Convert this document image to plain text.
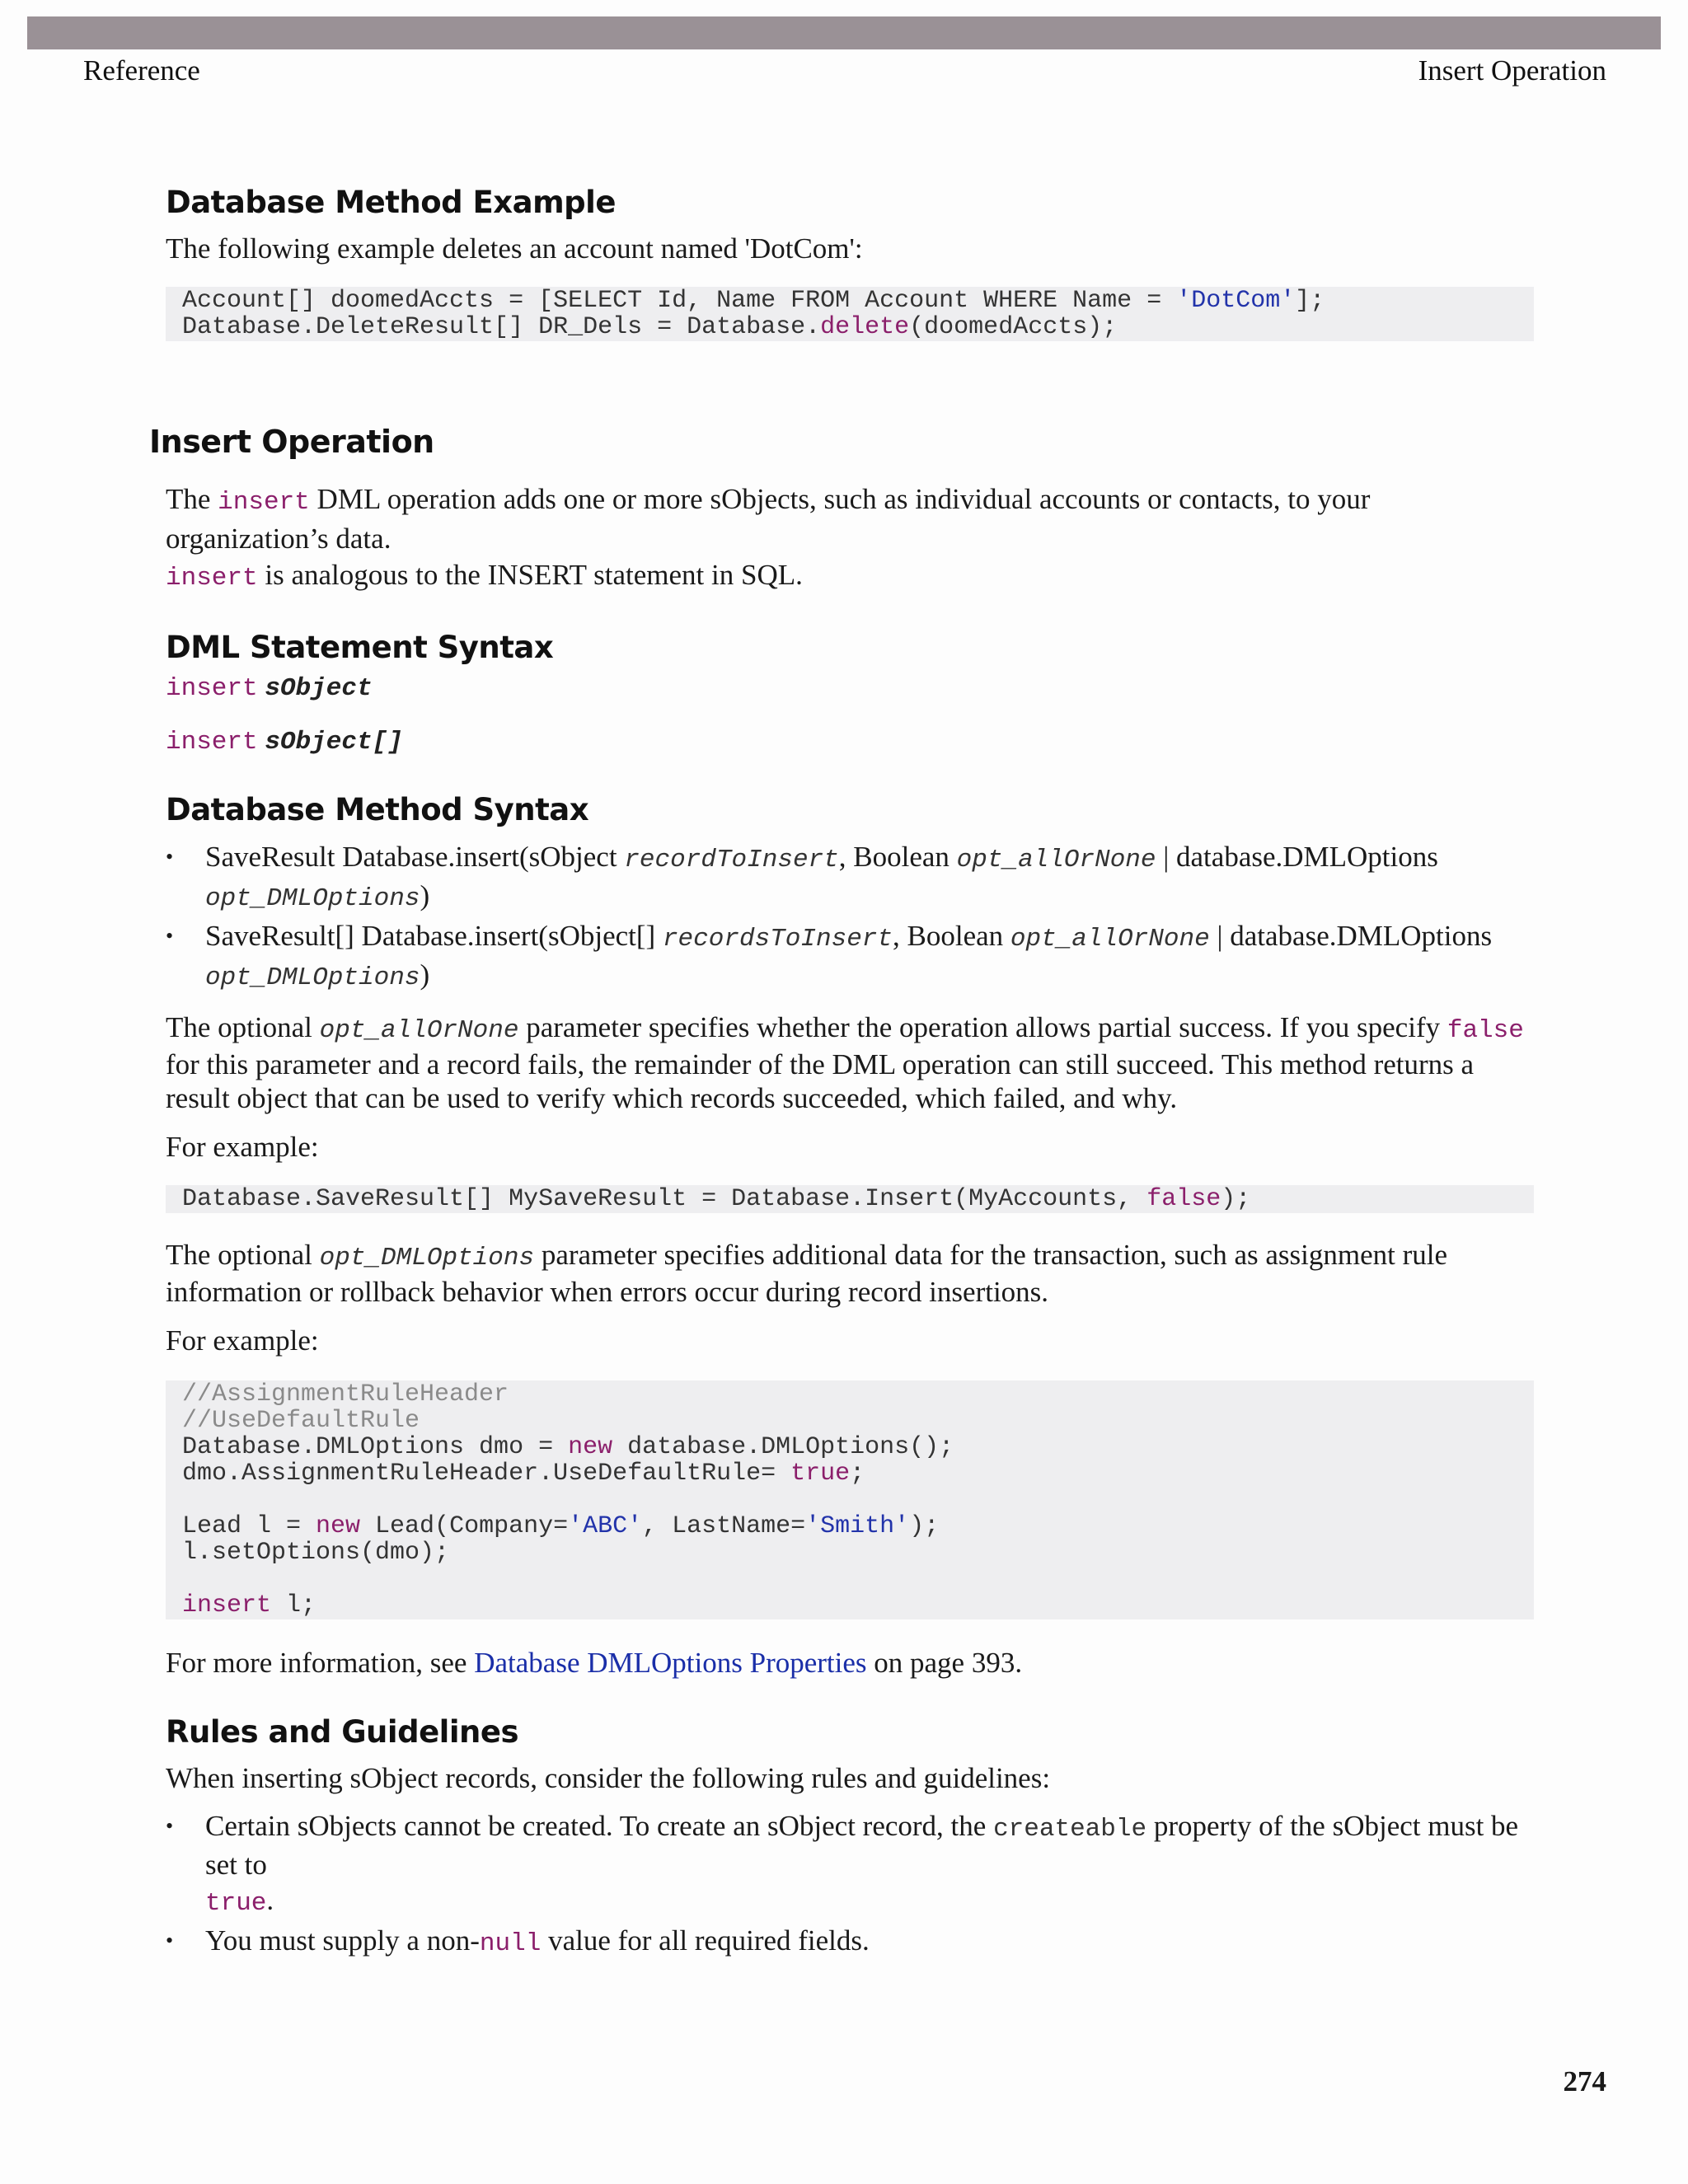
Reference	Insert Operation
Database Method Example

The following example deletes an account named 'DotCom':

Account[] doomedAccts = [SELECT Id, Name FROM Account WHERE Name = 'DotCom'];
Database.DeleteResult[] DR_Dels = Database.delete(doomedAccts);
Insert Operation

The insert DML operation adds one or more sObjects, such as individual accounts or contacts, to your organization’s data.
insert is analogous to the INSERT statement in SQL.

DML Statement Syntax

insert sObject

insert sObject[]

Database Method Syntax
• SaveResult Database.insert(sObject recordToInsert, Boolean opt_allOrNone | database.DMLOptions
opt_DMLOptions)
• SaveResult[] Database.insert(sObject[] recordsToInsert, Boolean opt_allOrNone | database.DMLOptions
opt_DMLOptions)

The optional opt_allOrNone parameter specifies whether the operation allows partial success. If you specify false for this parameter and a record fails, the remainder of the DML operation can still succeed. This method returns a result object that can be used to verify which records succeeded, which failed, and why.

For example:

Database.SaveResult[] MySaveResult = Database.Insert(MyAccounts, false);

The optional opt_DMLOptions parameter specifies additional data for the transaction, such as assignment rule information or rollback behavior when errors occur during record insertions.

For example:

//AssignmentRuleHeader
//UseDefaultRule
Database.DMLOptions dmo = new database.DMLOptions();
dmo.AssignmentRuleHeader.UseDefaultRule= true;

Lead l = new Lead(Company='ABC', LastName='Smith');
l.setOptions(dmo);

insert l;

For more information, see Database DMLOptions Properties on page 393.

Rules and Guidelines

When inserting sObject records, consider the following rules and guidelines:

• Certain sObjects cannot be created. To create an sObject record, the createable property of the sObject must be set to
true.
• You must supply a non-null value for all required fields.
274
